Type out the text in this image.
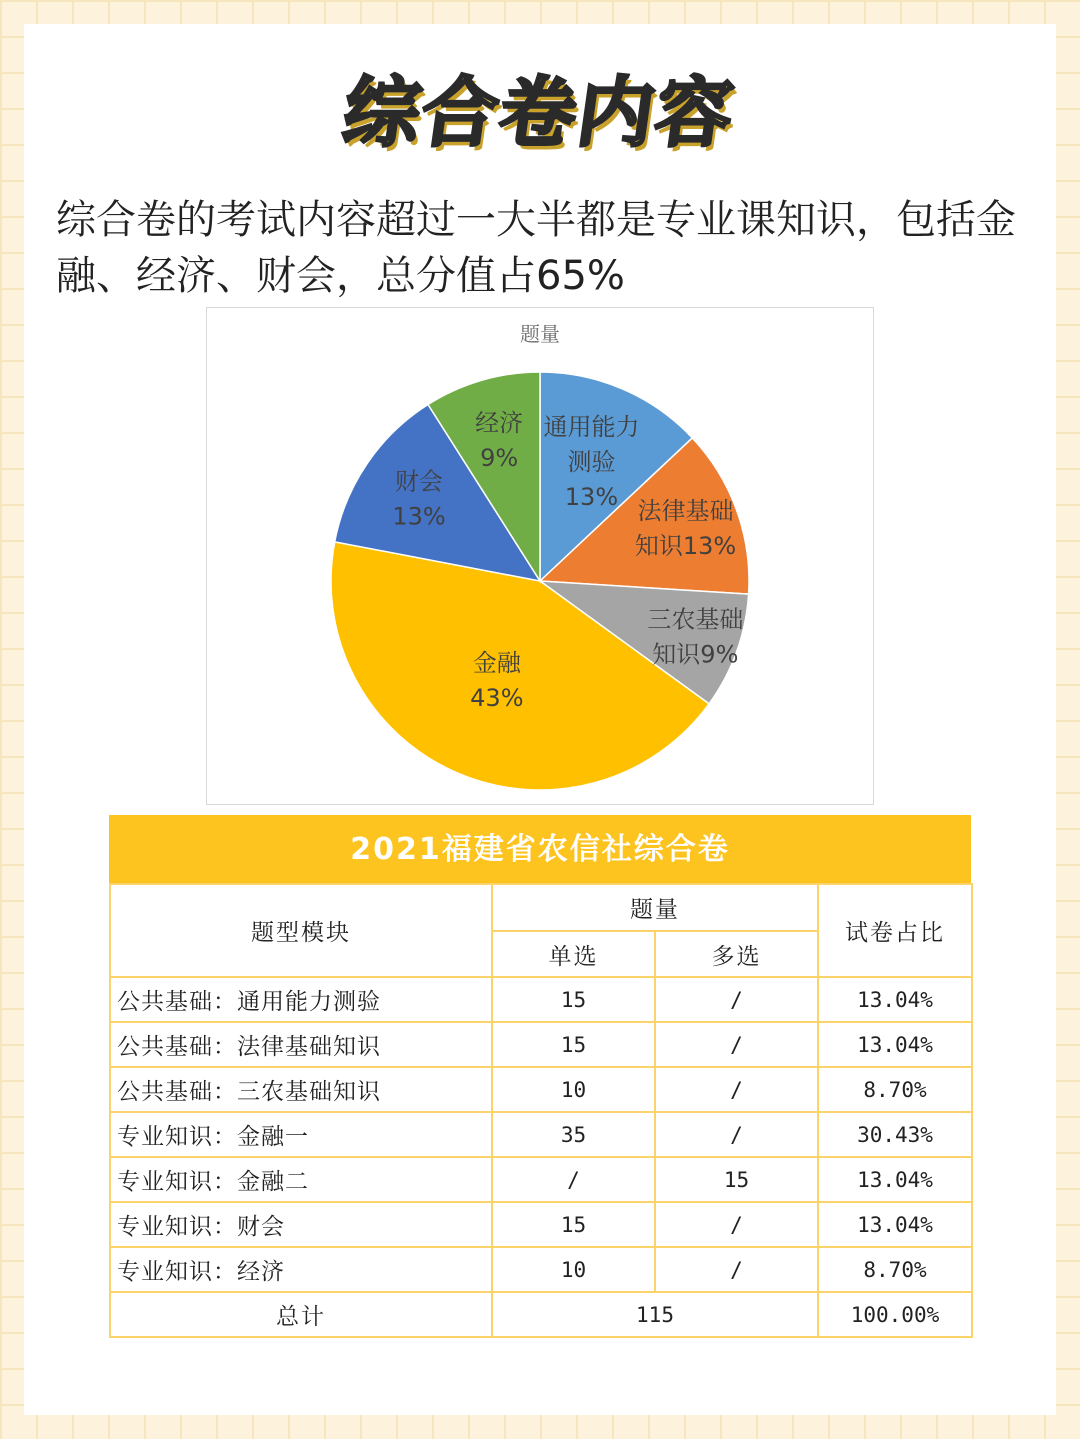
综合卷内容
综合卷的考试内容超过一大半都是专业课知识，包括金融、经济、财会，总分值占65%
题量
通用能力测验 13%
法律基础知识13%
三农基础知识9%
金融 43%
财会 13%
经济 9%
2021福建省农信社综合卷
题型模块	题量		试卷占比
	单选	多选	
公共基础：通用能力测验	15	/	13.04%
公共基础：法律基础知识	15	/	13.04%
公共基础：三农基础知识	10	/	8.70%
专业知识：金融一	35	/	30.43%
专业知识：金融二	/	15	13.04%
专业知识：财会	15	/	13.04%
专业知识：经济	10	/	8.70%
总计	115		100.00%
